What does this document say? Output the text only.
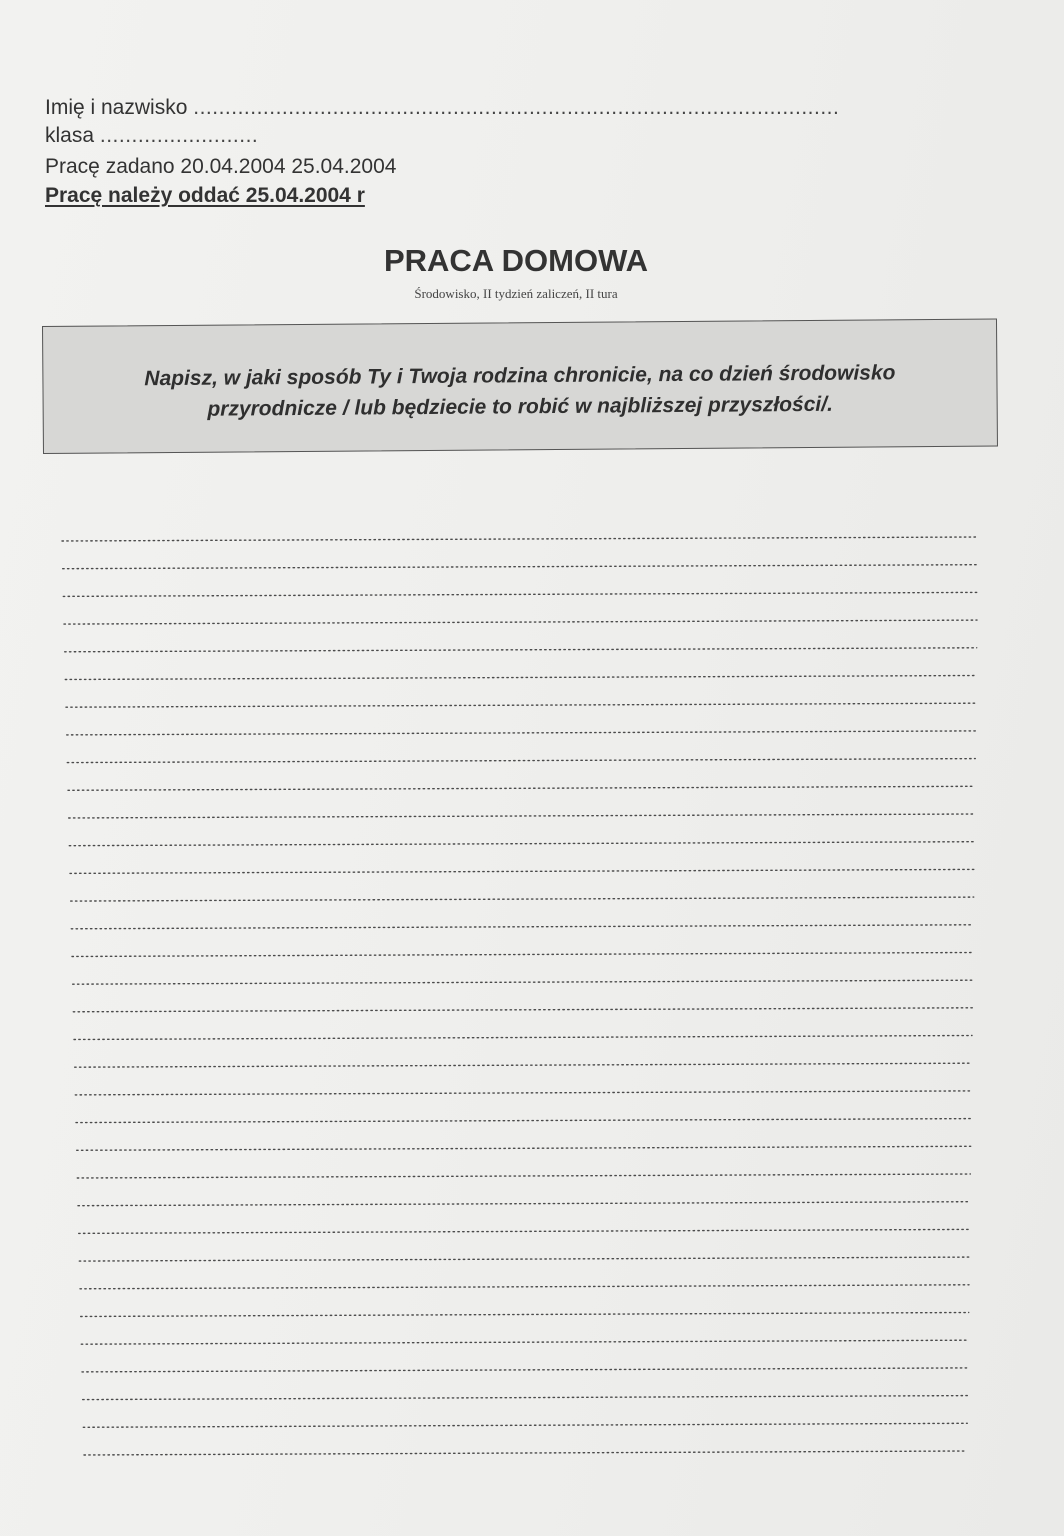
Imię i nazwisko ......................................................................................................
klasa .........................
Pracę zadano 20.04.2004 25.04.2004
Pracę należy oddać 25.04.2004 r
PRACA DOMOWA
Środowisko, II tydzień zaliczeń, II tura
Napisz, w jaki sposób Ty i Twoja rodzina chronicie, na co dzień środowisko
przyrodnicze / lub będziecie to robić w najbliższej przyszłości/.
